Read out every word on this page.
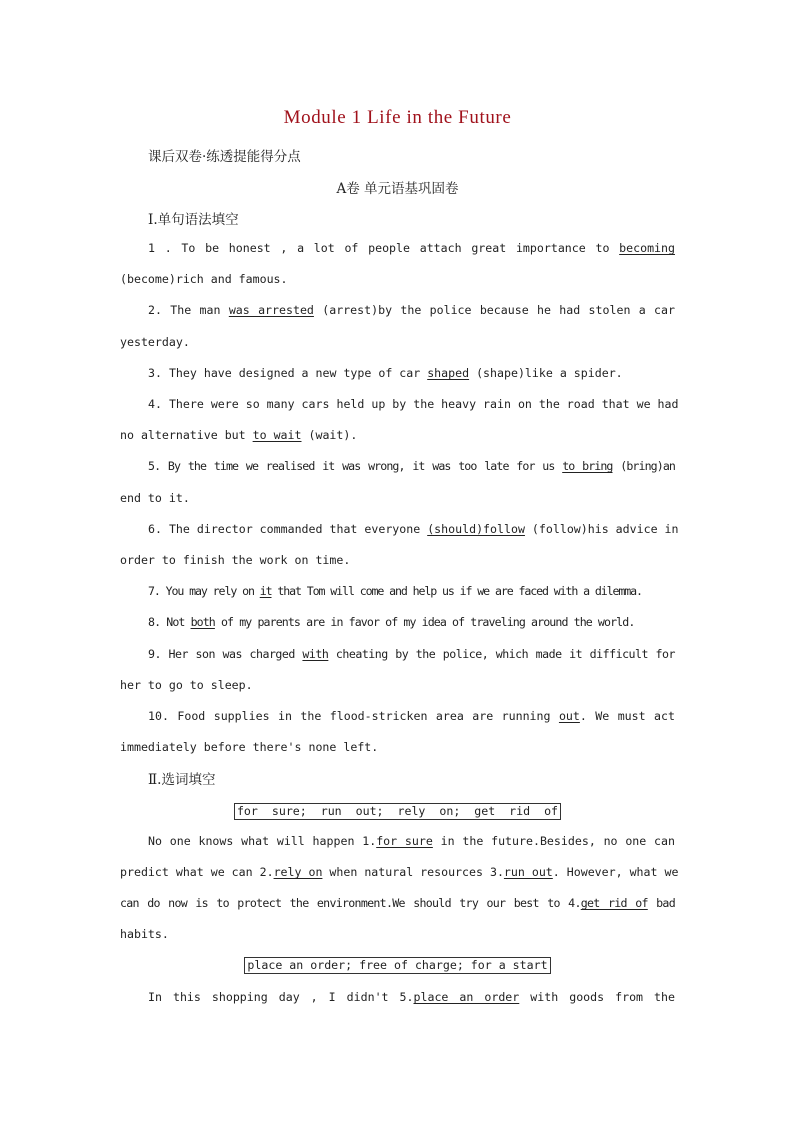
Module 1 Life in the Future
课后双卷·练透提能得分点
A卷 单元语基巩固卷
Ⅰ.单句语法填空
1 . To be honest , a lot of people attach great importance to becoming
(become)rich and famous.
2. The man was arrested (arrest)by the police because he had stolen a car
yesterday.
3. They have designed a new type of car shaped (shape)like a spider.
4. There were so many cars held up by the heavy rain on the road that we had
no alternative but to wait (wait).
5. By the time we realised it was wrong, it was too late for us to bring (bring)an
end to it.
6. The director commanded that everyone (should)follow (follow)his advice in
order to finish the work on time.
7. You may rely on it that Tom will come and help us if we are faced with a dilemma.
8. Not both of my parents are in favor of my idea of traveling around the world.
9. Her son was charged with cheating by the police, which made it difficult for
her to go to sleep.
10. Food supplies in the flood-stricken area are running out. We must act
immediately before there's none left.
Ⅱ.选词填空
for  sure;  run  out;  rely  on;  get  rid  of
No one knows what will happen 1.for sure in the future.Besides, no one can
predict what we can 2.rely on when natural resources 3.run out. However, what we
can do now is to protect the environment.We should try our best to 4.get rid of bad
habits.
place an order; free of charge; for a start
In this shopping day , I didn't 5.place an order with goods from the
